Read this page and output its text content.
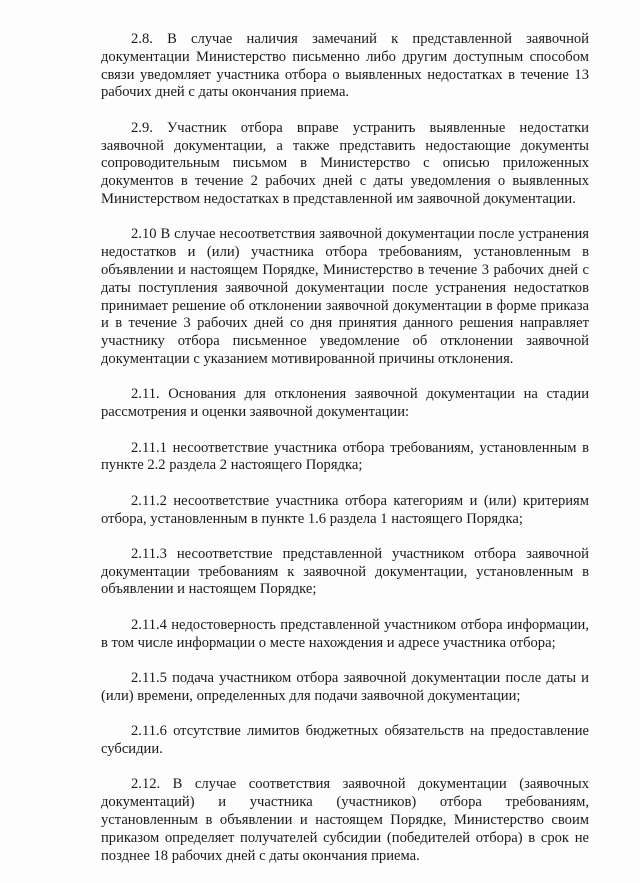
2.8. В случае наличия замечаний к представленной заявочной документации Министерство письменно либо другим доступным способом связи уведомляет участника отбора о выявленных недостатках в течение 13 рабочих дней с даты окончания приема.

2.9. Участник отбора вправе устранить выявленные недостатки заявочной документации, а также представить недостающие документы сопроводительным письмом в Министерство с описью приложенных документов в течение 2 рабочих дней с даты уведомления о выявленных Министерством недостатках в представленной им заявочной документации.

2.10 В случае несоответствия заявочной документации после устранения недостатков и (или) участника отбора требованиям, установленным в объявлении и настоящем Порядке, Министерство в течение 3 рабочих дней с даты поступления заявочной документации после устранения недостатков принимает решение об отклонении заявочной документации в форме приказа и в течение 3 рабочих дней со дня принятия данного решения направляет участнику отбора письменное уведомление об отклонении заявочной документации с указанием мотивированной причины отклонения.

2.11. Основания для отклонения заявочной документации на стадии рассмотрения и оценки заявочной документации:

2.11.1 несоответствие участника отбора требованиям, установленным в пункте 2.2 раздела 2 настоящего Порядка;

2.11.2 несоответствие участника отбора категориям и (или) критериям отбора, установленным в пункте 1.6 раздела 1 настоящего Порядка;

2.11.3 несоответствие представленной участником отбора заявочной документации требованиям к заявочной документации, установленным в объявлении и настоящем Порядке;

2.11.4 недостоверность представленной участником отбора информации, в том числе информации о месте нахождения и адресе участника отбора;

2.11.5 подача участником отбора заявочной документации после даты и (или) времени, определенных для подачи заявочной документации;

2.11.6 отсутствие лимитов бюджетных обязательств на предоставление субсидии.

2.12. В случае соответствия заявочной документации (заявочных документаций) и участника (участников) отбора требованиям, установленным в объявлении и настоящем Порядке, Министерство своим приказом определяет получателей субсидии (победителей отбора) в срок не позднее 18 рабочих дней с даты окончания приема.
